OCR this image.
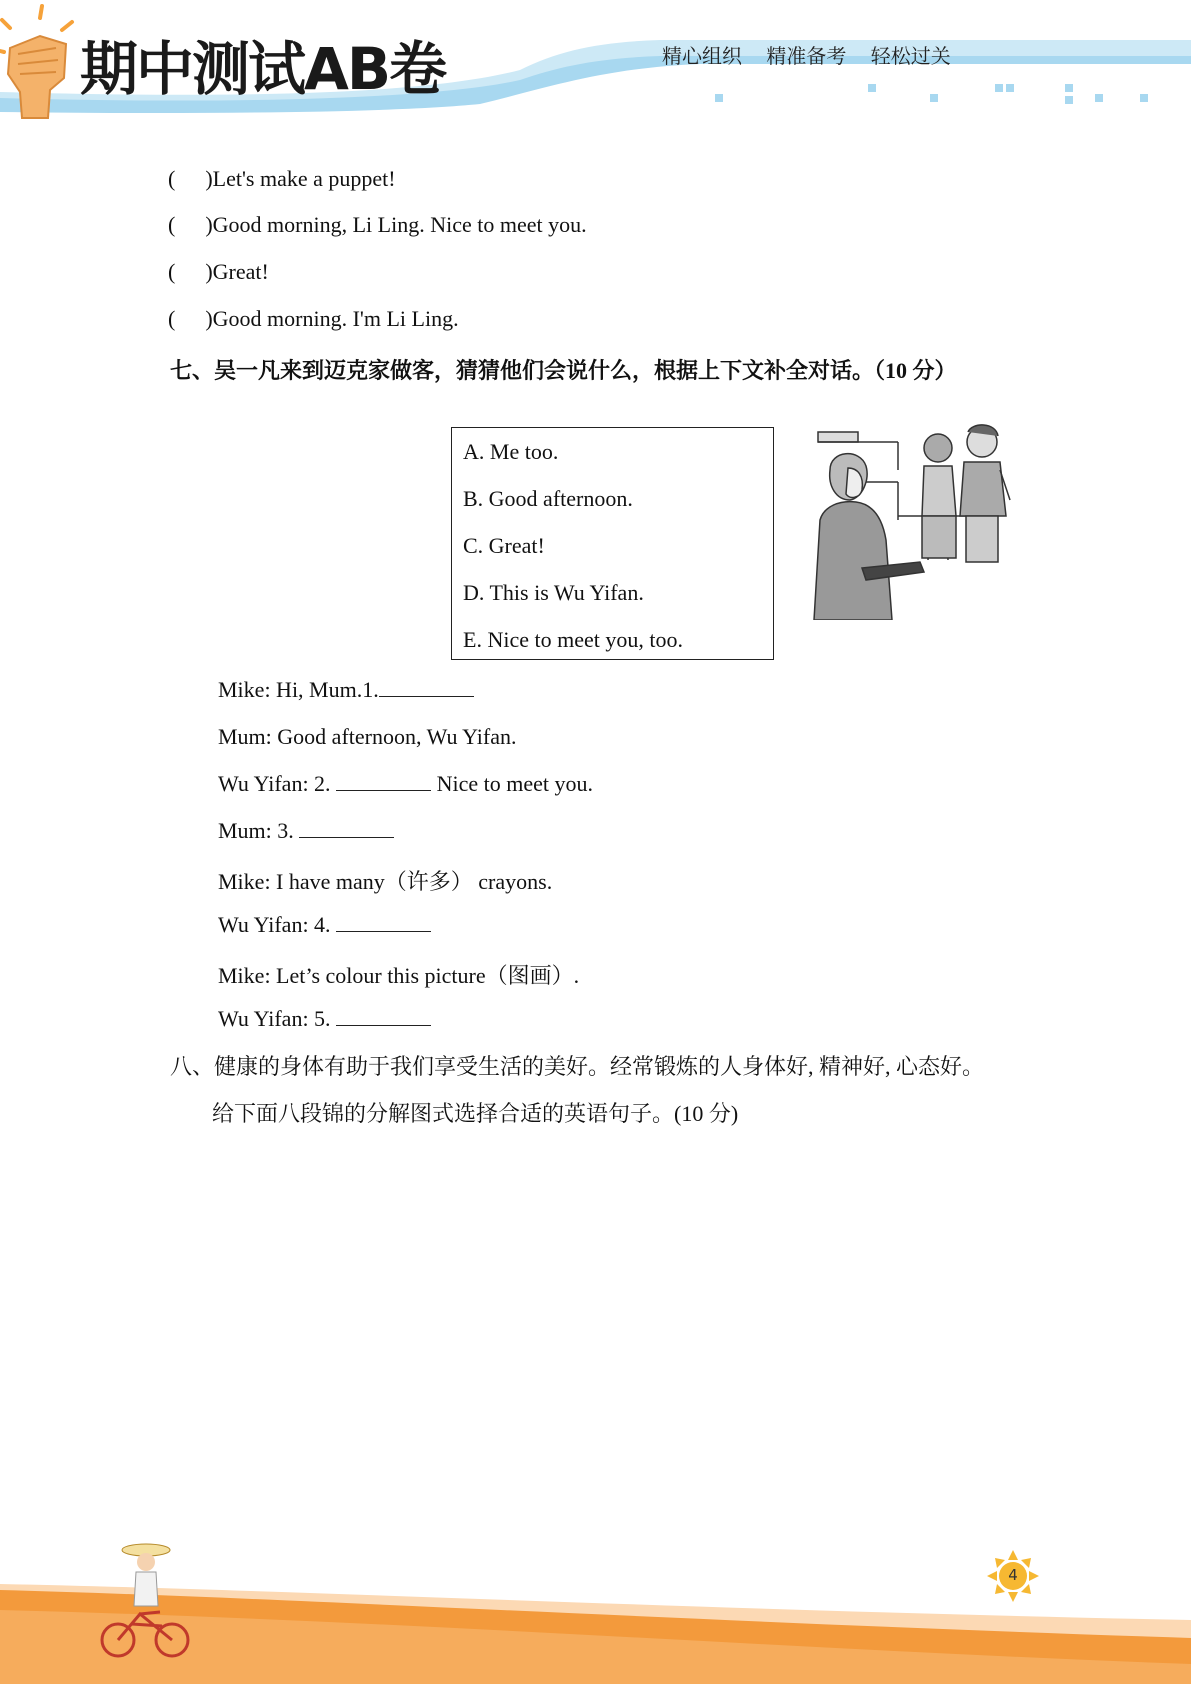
期中测试AB卷	精心组织 精准备考 轻松过关
( )Let's make a puppet!
( )Good morning, Li Ling. Nice to meet you.
( )Great!
( )Good morning. I'm Li Ling.
七、吴一凡来到迈克家做客，猜猜他们会说什么，根据上下文补全对话。（10 分）
A. Me too.
B. Good afternoon.
C. Great!
D. This is Wu Yifan.
E. Nice to meet you, too.
Mike: Hi, Mum.1.
Mum: Good afternoon, Wu Yifan.
Wu Yifan: 2.	Nice to meet you.
Mum: 3.
Mike: I have many（许多） crayons.
Wu Yifan: 4.
Mike: Let’s colour this picture（图画）.
Wu Yifan: 5.
八、健康的身体有助于我们享受生活的美好。经常锻炼的人身体好, 精神好, 心态好。
给下面八段锦的分解图式选择合适的英语句子。(10 分)
4
